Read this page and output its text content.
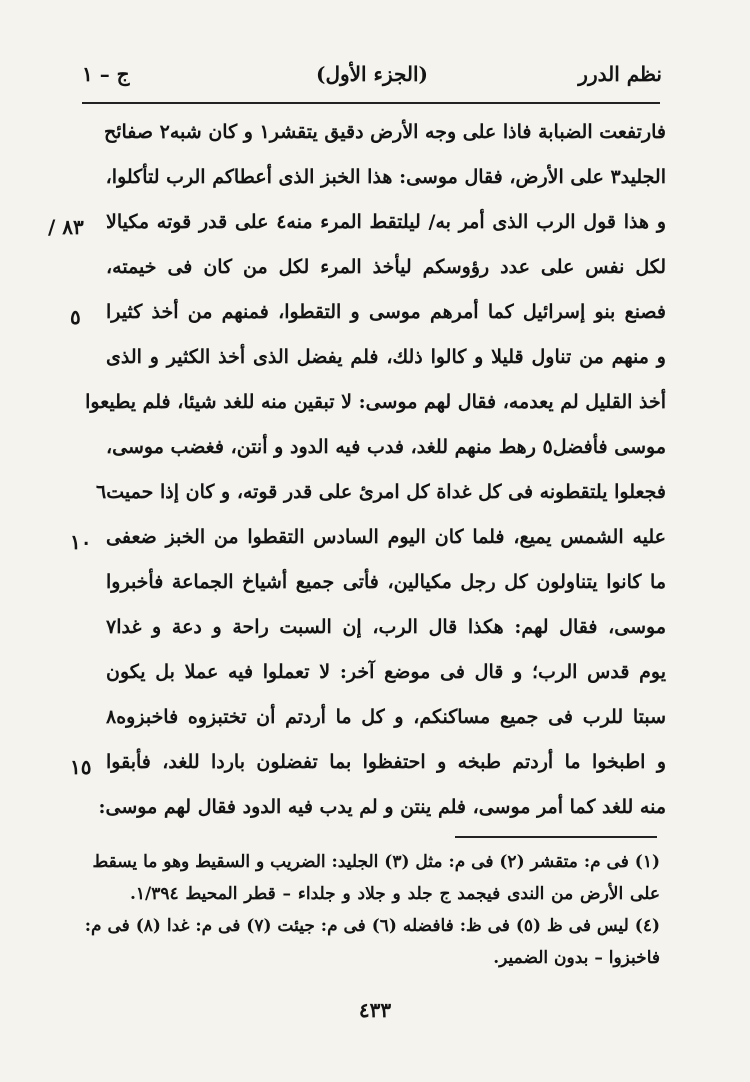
نظم الدرر
(الجزء الأول)
ج – ١
فارتفعت الضبابة فاذا على وجه الأرض دقيق يتقشر١ و كان شبه٢ صفائح
الجليد٣ على الأرض، فقال موسى: هذا الخبز الذى أعطاكم الرب لتأكلوا،
و هذا قول الرب الذى أمر به/ ليلتقط المرء منه٤ على قدر قوته مكيالا
لكل نفس على عدد رؤوسكم ليأخذ المرء لكل من كان فى خيمته،
فصنع بنو إسرائيل كما أمرهم موسى و التقطوا، فمنهم من أخذ كثيرا
و منهم من تناول قليلا و كالوا ذلك، فلم يفضل الذى أخذ الكثير و الذى
أخذ القليل لم يعدمه، فقال لهم موسى: لا تبقين منه للغد شيئا، فلم يطيعوا
موسى فأفضل٥ رهط منهم للغد، فدب فيه الدود و أنتن، فغضب موسى،
فجعلوا يلتقطونه فى كل غداة كل امرئ على قدر قوته، و كان إذا حميت٦
عليه الشمس يميع، فلما كان اليوم السادس التقطوا من الخبز ضعفى
ما كانوا يتناولون كل رجل مكيالين، فأتى جميع أشياخ الجماعة فأخبروا
موسى، فقال لهم: هكذا قال الرب، إن السبت راحة و دعة و غدا٧
يوم قدس الرب؛ و قال فى موضع آخر: لا تعملوا فيه عملا بل يكون
سبتا للرب فى جميع مساكنكم، و كل ما أردتم أن تختبزوه فاخبزوه٨
و اطبخوا ما أردتم طبخه و احتفظوا بما تفضلون باردا للغد، فأبقوا
منه للغد كما أمر موسى، فلم ينتن و لم يدب فيه الدود فقال لهم موسى:
٨٣ /
٥
١٠
١٥
(١) فى م: متقشر (٢) فى م: مثل (٣) الجليد: الضريب و السقيط وهو ما يسقط
على الأرض من الندى فيجمد ج جلد و جلاد و جلداء – قطر المحيط ١/٣٩٤.
(٤) ليس فى ظ (٥) فى ظ: فافضله (٦) فى م: جيئت (٧) فى م: غدا (٨) فى م:
فاخبزوا – بدون الضمير.
٤٣٣
